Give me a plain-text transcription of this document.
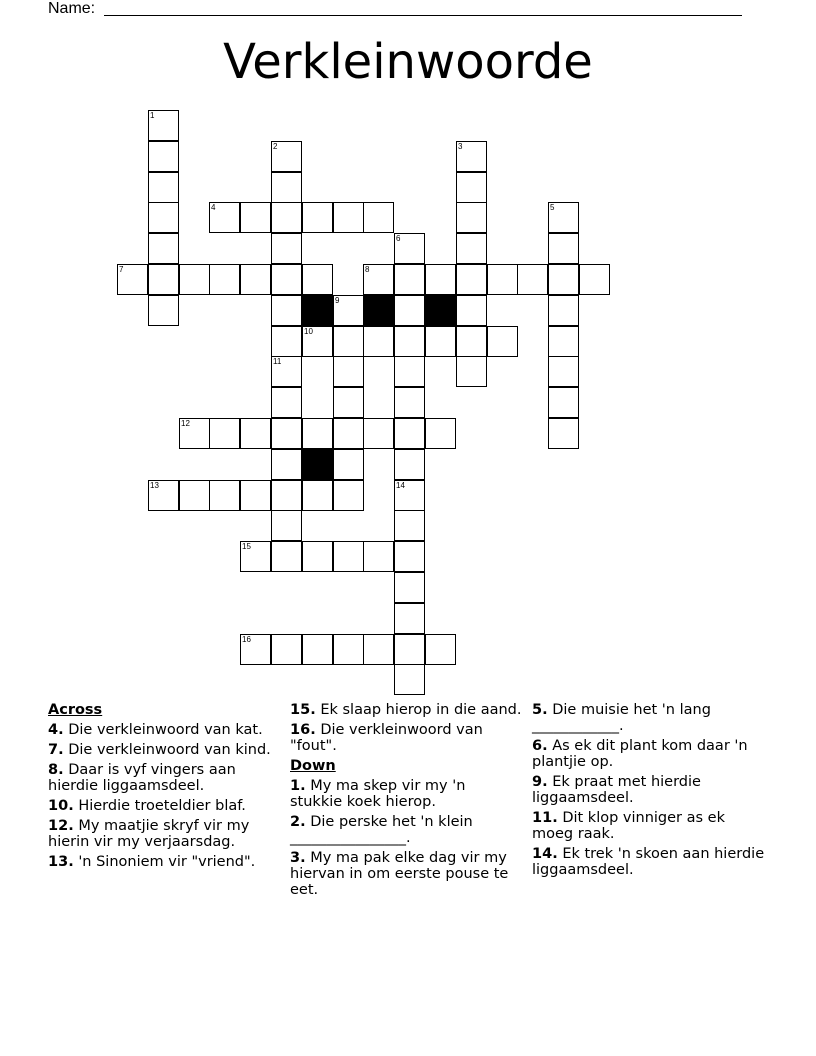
Name:
Verkleinwoorde
1
2	3
4	5
6
7	8
9
10
11
12
13	14
15
16
Across
4. Die verkleinwoord van kat.
7. Die verkleinwoord van kind.
8. Daar is vyf vingers aan hierdie liggaamsdeel.
10. Hierdie troeteldier blaf.
12. My maatjie skryf vir my hierin vir my verjaarsdag.
13. 'n Sinoniem vir "vriend".
15. Ek slaap hierop in die aand.
16. Die verkleinwoord van "fout".
Down
1. My ma skep vir my 'n stukkie koek hierop.
2. Die perske het 'n klein ________________.
3. My ma pak elke dag vir my hiervan in om eerste pouse te eet.
5. Die muisie het 'n lang ____________.
6. As ek dit plant kom daar 'n plantjie op.
9. Ek praat met hierdie liggaamsdeel.
11. Dit klop vinniger as ek moeg raak.
14. Ek trek 'n skoen aan hierdie liggaamsdeel.
